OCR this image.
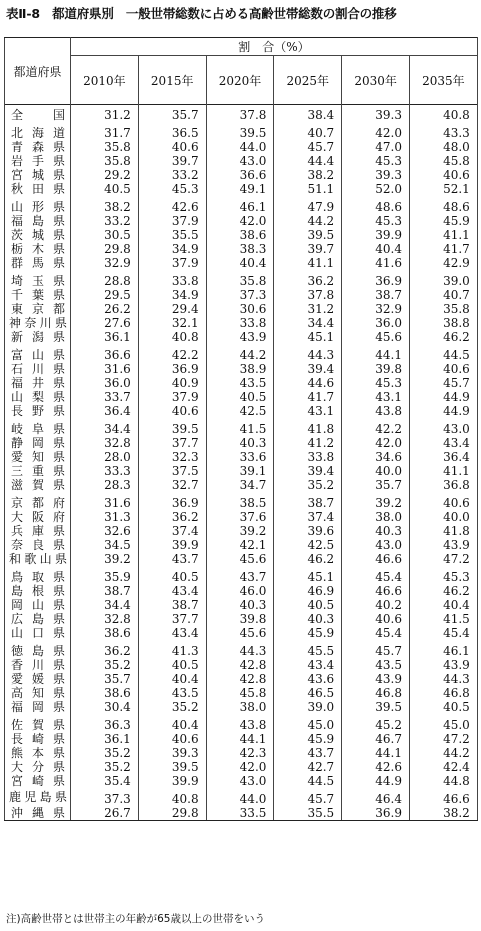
表Ⅱ-8　都道府県別　一般世帯総数に占める高齢世帯総数の割合の推移
都道府県	割　合（%）					
	2010年	2015年	2020年	2025年	2030年	2035年
全　国	31.2	35.7	37.8	38.4	39.3	40.8
北海道	31.7	36.5	39.5	40.7	42.0	43.3
青森県	35.8	40.6	44.0	45.7	47.0	48.0
岩手県	35.8	39.7	43.0	44.4	45.3	45.8
宮城県	29.2	33.2	36.6	38.2	39.3	40.6
秋田県	40.5	45.3	49.1	51.1	52.0	52.1
山形県	38.2	42.6	46.1	47.9	48.6	48.6
福島県	33.2	37.9	42.0	44.2	45.3	45.9
茨城県	30.5	35.5	38.6	39.5	39.9	41.1
栃木県	29.8	34.9	38.3	39.7	40.4	41.7
群馬県	32.9	37.9	40.4	41.1	41.6	42.9
埼玉県	28.8	33.8	35.8	36.2	36.9	39.0
千葉県	29.5	34.9	37.3	37.8	38.7	40.7
東京都	26.2	29.4	30.6	31.2	32.9	35.8
神奈川県	27.6	32.1	33.8	34.4	36.0	38.8
新潟県	36.1	40.8	43.9	45.1	45.6	46.2
富山県	36.6	42.2	44.2	44.3	44.1	44.5
石川県	31.6	36.9	38.9	39.4	39.8	40.6
福井県	36.0	40.9	43.5	44.6	45.3	45.7
山梨県	33.7	37.9	40.5	41.7	43.1	44.9
長野県	36.4	40.6	42.5	43.1	43.8	44.9
岐阜県	34.4	39.5	41.5	41.8	42.2	43.0
静岡県	32.8	37.7	40.3	41.2	42.0	43.4
愛知県	28.0	32.3	33.6	33.8	34.6	36.4
三重県	33.3	37.5	39.1	39.4	40.0	41.1
滋賀県	28.3	32.7	34.7	35.2	35.7	36.8
京都府	31.6	36.9	38.5	38.7	39.2	40.6
大阪府	31.3	36.2	37.6	37.4	38.0	40.0
兵庫県	32.6	37.4	39.2	39.6	40.3	41.8
奈良県	34.5	39.9	42.1	42.5	43.0	43.9
和歌山県	39.2	43.7	45.6	46.2	46.6	47.2
鳥取県	35.9	40.5	43.7	45.1	45.4	45.3
島根県	38.7	43.4	46.0	46.9	46.6	46.2
岡山県	34.4	38.7	40.3	40.5	40.2	40.4
広島県	32.8	37.7	39.8	40.3	40.6	41.5
山口県	38.6	43.4	45.6	45.9	45.4	45.4
徳島県	36.2	41.3	44.3	45.5	45.7	46.1
香川県	35.2	40.5	42.8	43.4	43.5	43.9
愛媛県	35.7	40.4	42.8	43.6	43.9	44.3
高知県	38.6	43.5	45.8	46.5	46.8	46.8
福岡県	30.4	35.2	38.0	39.0	39.5	40.5
佐賀県	36.3	40.4	43.8	45.0	45.2	45.0
長崎県	36.1	40.6	44.1	45.9	46.7	47.2
熊本県	35.2	39.3	42.3	43.7	44.1	44.2
大分県	35.2	39.5	42.0	42.7	42.6	42.4
宮崎県	35.4	39.9	43.0	44.5	44.9	44.8
鹿児島県	37.3	40.8	44.0	45.7	46.4	46.6
沖縄県	26.7	29.8	33.5	35.5	36.9	38.2
注)高齢世帯とは世帯主の年齢が65歳以上の世帯をいう
